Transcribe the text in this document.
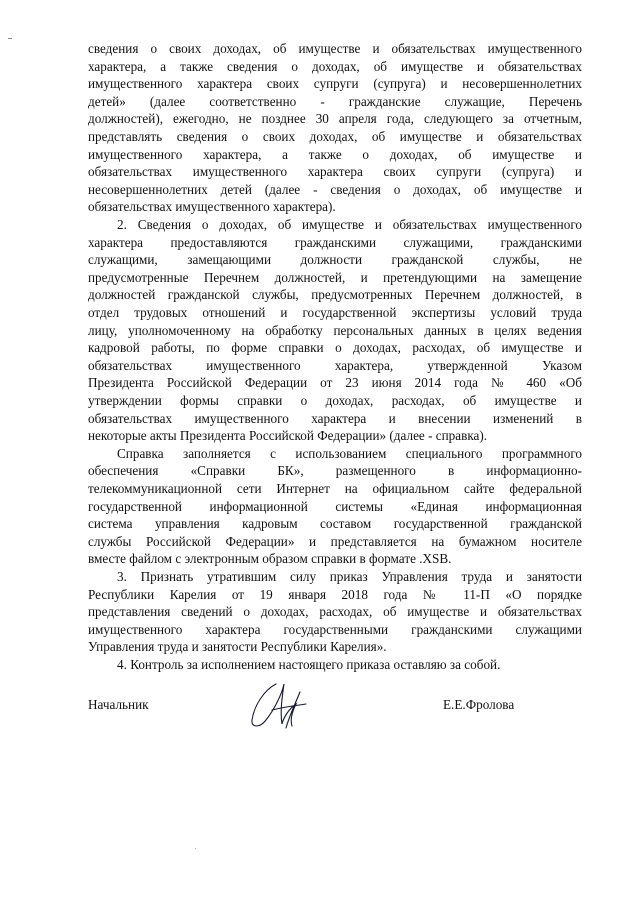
сведения о своих доходах, об имуществе и обязательствах имущественного
характера, а также сведения о доходах, об имуществе и обязательствах
имущественного характера своих супруги (супруга) и несовершеннолетних
детей» (далее соответственно - гражданские служащие, Перечень
должностей), ежегодно, не позднее 30 апреля года, следующего за отчетным,
представлять сведения о своих доходах, об имуществе и обязательствах
имущественного характера, а также о доходах, об имуществе и
обязательствах имущественного характера своих супруги (супруга) и
несовершеннолетних детей (далее - сведения о доходах, об имуществе и
обязательствах имущественного характера).
2. Сведения о доходах, об имуществе и обязательствах имущественного
характера предоставляются гражданскими служащими, гражданскими
служащими, замещающими должности гражданской службы, не
предусмотренные Перечнем должностей, и претендующими на замещение
должностей гражданской службы, предусмотренных Перечнем должностей, в
отдел трудовых отношений и государственной экспертизы условий труда
лицу, уполномоченному на обработку персональных данных в целях ведения
кадровой работы, по форме справки о доходах, расходах, об имуществе и
обязательствах имущественного характера, утвержденной Указом
Президента Российской Федерации от 23 июня 2014 года № 460 «Об
утверждении формы справки о доходах, расходах, об имуществе и
обязательствах имущественного характера и внесении изменений в
некоторые акты Президента Российской Федерации» (далее - справка).
Справка заполняется с использованием специального программного
обеспечения «Справки БК», размещенного в информационно-
телекоммуникационной сети Интернет на официальном сайте федеральной
государственной информационной системы «Единая информационная
система управления кадровым составом государственной гражданской
службы Российской Федерации» и представляется на бумажном носителе
вместе файлом с электронным образом справки в формате .XSB.
3. Признать утратившим силу приказ Управления труда и занятости
Республики Карелия от 19 января 2018 года № 11-П «О порядке
представления сведений о доходах, расходах, об имуществе и обязательствах
имущественного характера государственными гражданскими служащими
Управления труда и занятости Республики Карелия».
4. Контроль за исполнением настоящего приказа оставляю за собой.
Начальник	Е.Е.Фролова
